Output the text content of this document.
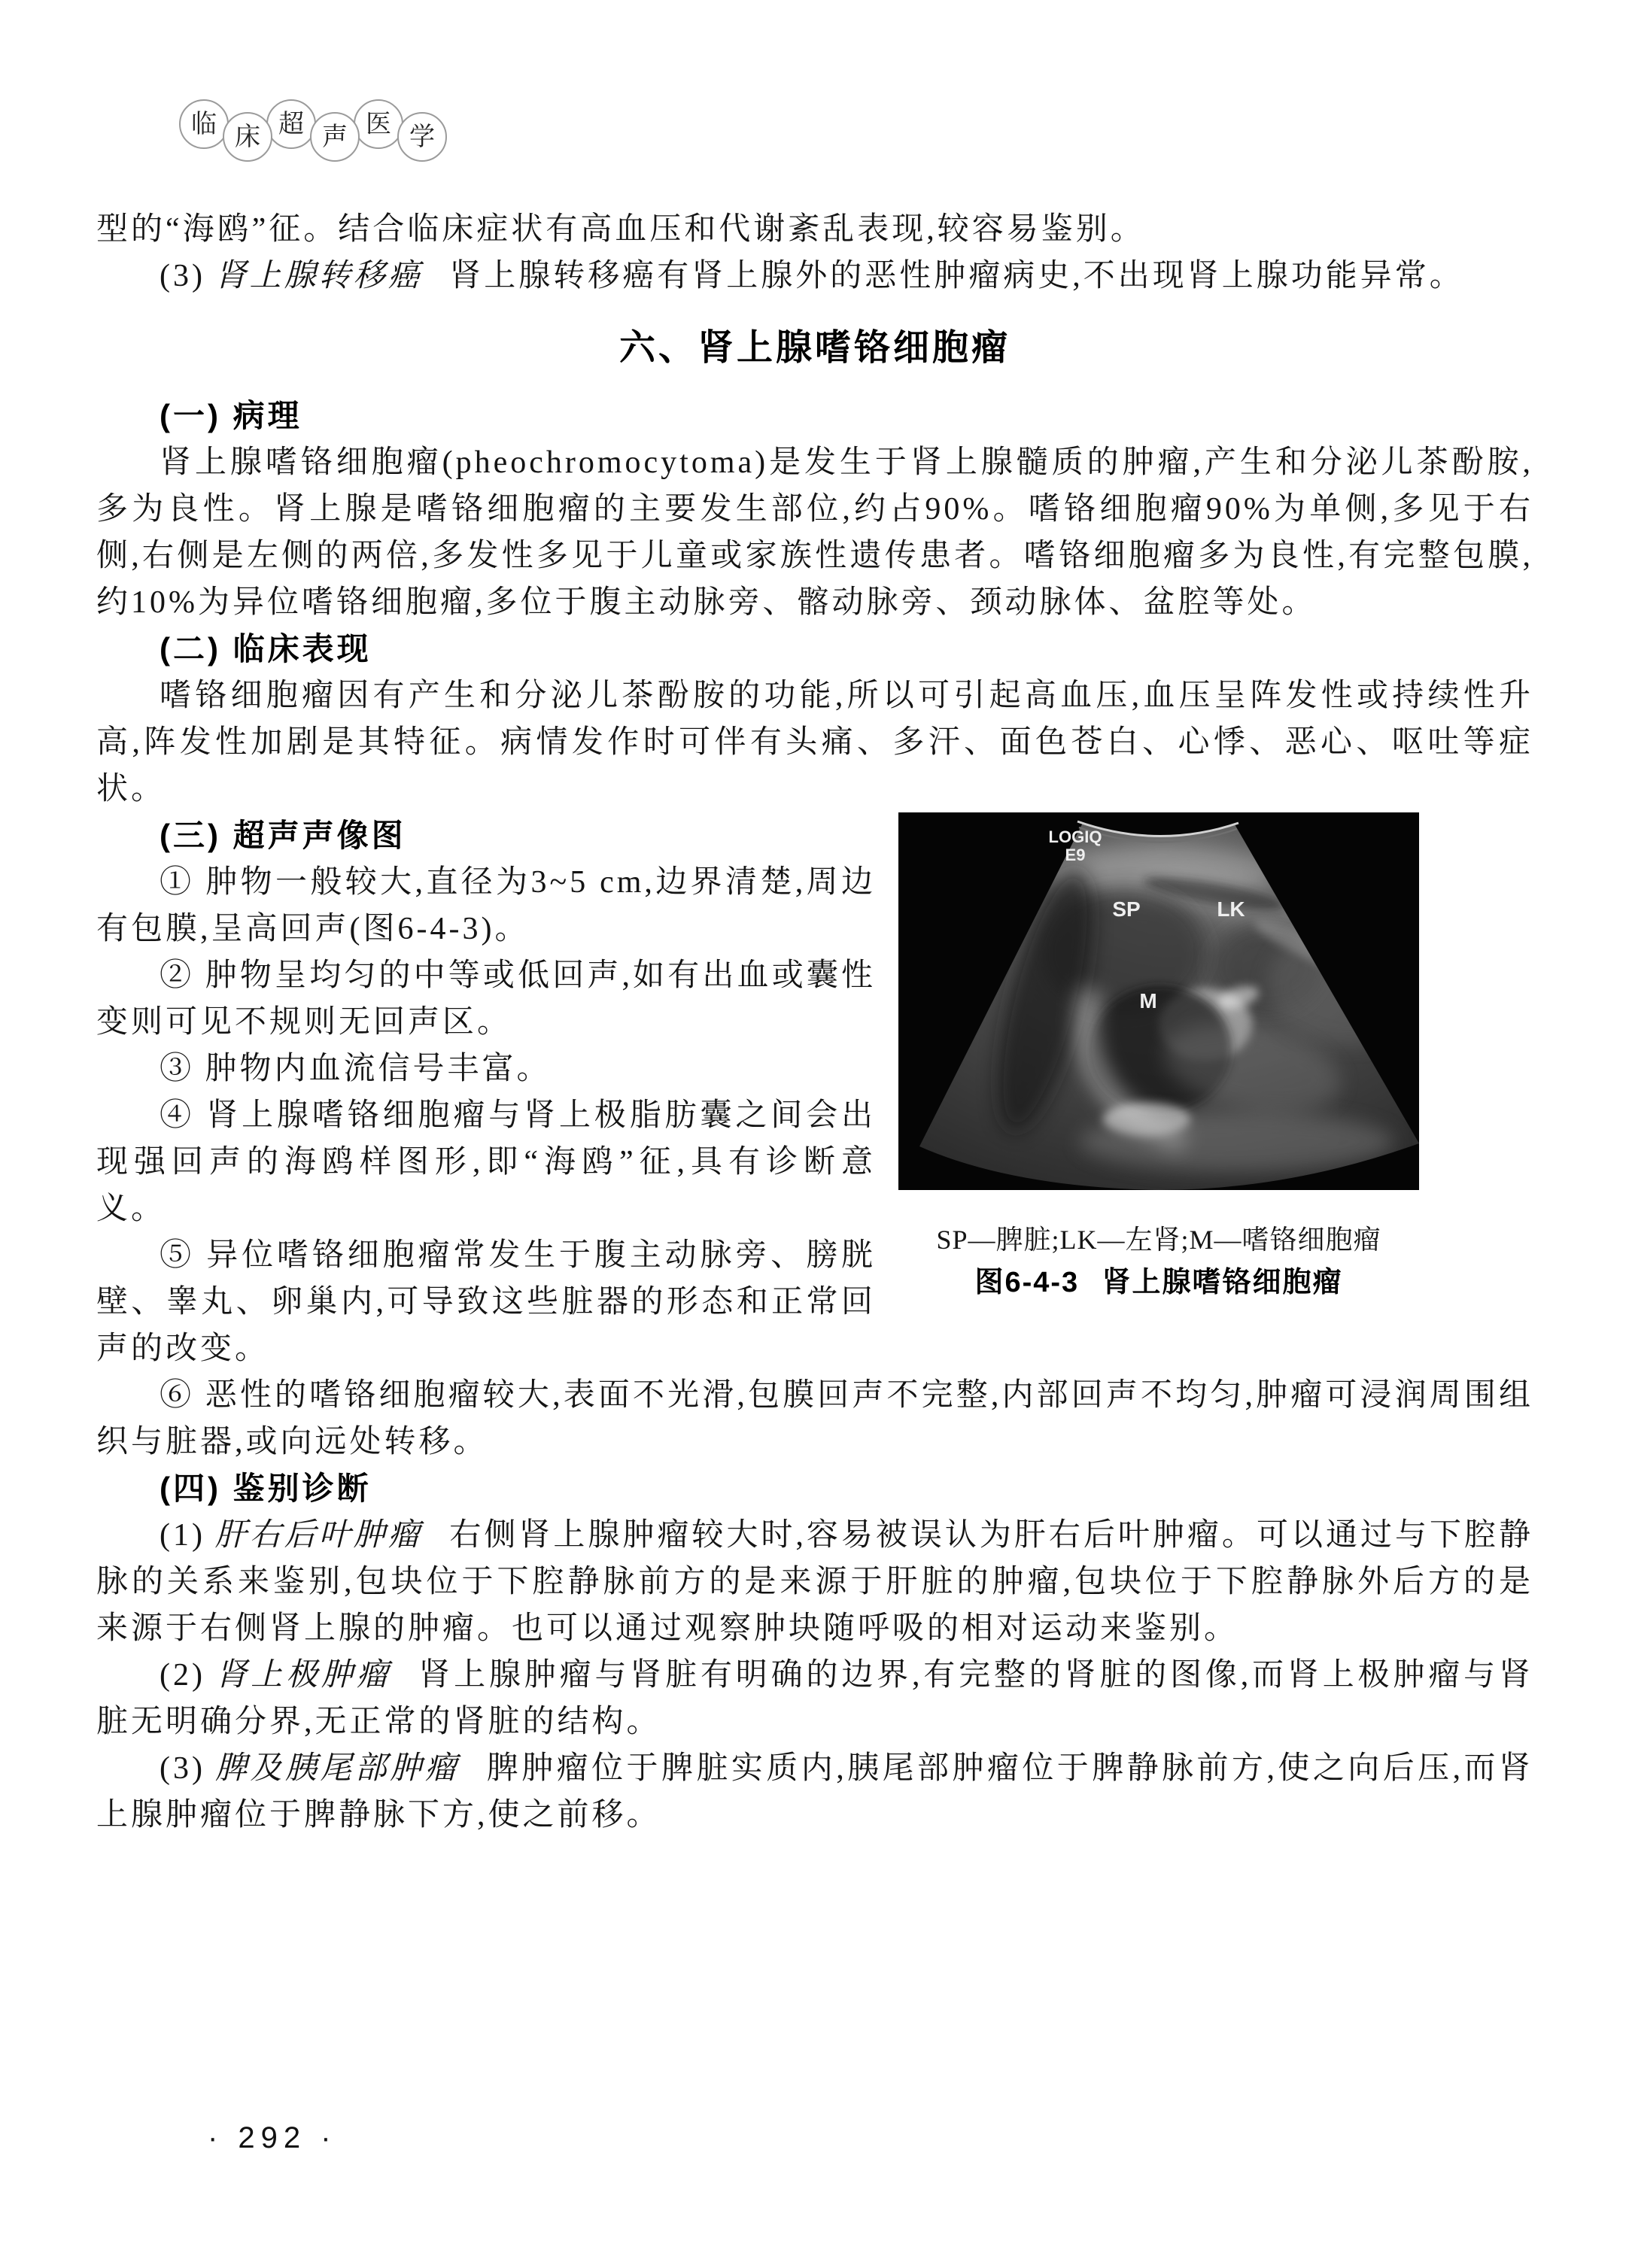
临 床 超 声 医 学

型的“海鸥”征。结合临床症状有高血压和代谢紊乱表现,较容易鉴别。

(3) 肾上腺转移癌 肾上腺转移癌有肾上腺外的恶性肿瘤病史,不出现肾上腺功能异常。

六、肾上腺嗜铬细胞瘤
(一) 病理

肾上腺嗜铬细胞瘤(pheochromocytoma)是发生于肾上腺髓质的肿瘤,产生和分泌儿茶酚胺,多为良性。肾上腺是嗜铬细胞瘤的主要发生部位,约占90%。嗜铬细胞瘤90%为单侧,多见于右侧,右侧是左侧的两倍,多发性多见于儿童或家族性遗传患者。嗜铬细胞瘤多为良性,有完整包膜,约10%为异位嗜铬细胞瘤,多位于腹主动脉旁、髂动脉旁、颈动脉体、盆腔等处。

(二) 临床表现

嗜铬细胞瘤因有产生和分泌儿茶酚胺的功能,所以可引起高血压,血压呈阵发性或持续性升高,阵发性加剧是其特征。病情发作时可伴有头痛、多汗、面色苍白、心悸、恶心、呕吐等症状。

LOGIQ
E9
SP	LK
M
SP—脾脏;LK—左肾;M—嗜铬细胞瘤
图6-4-3 肾上腺嗜铬细胞瘤
(三) 超声声像图

① 肿物一般较大,直径为3~5 cm,边界清楚,周边有包膜,呈高回声(图6-4-3)。

② 肿物呈均匀的中等或低回声,如有出血或囊性变则可见不规则无回声区。

③ 肿物内血流信号丰富。

④ 肾上腺嗜铬细胞瘤与肾上极脂肪囊之间会出现强回声的海鸥样图形,即“海鸥”征,具有诊断意义。

⑤ 异位嗜铬细胞瘤常发生于腹主动脉旁、膀胱壁、睾丸、卵巢内,可导致这些脏器的形态和正常回声的改变。

⑥ 恶性的嗜铬细胞瘤较大,表面不光滑,包膜回声不完整,内部回声不均匀,肿瘤可浸润周围组织与脏器,或向远处转移。

(四) 鉴别诊断

(1) 肝右后叶肿瘤 右侧肾上腺肿瘤较大时,容易被误认为肝右后叶肿瘤。可以通过与下腔静脉的关系来鉴别,包块位于下腔静脉前方的是来源于肝脏的肿瘤,包块位于下腔静脉外后方的是来源于右侧肾上腺的肿瘤。也可以通过观察肿块随呼吸的相对运动来鉴别。

(2) 肾上极肿瘤 肾上腺肿瘤与肾脏有明确的边界,有完整的肾脏的图像,而肾上极肿瘤与肾脏无明确分界,无正常的肾脏的结构。

(3) 脾及胰尾部肿瘤 脾肿瘤位于脾脏实质内,胰尾部肿瘤位于脾静脉前方,使之向后压,而肾上腺肿瘤位于脾静脉下方,使之前移。

· 292 ·
